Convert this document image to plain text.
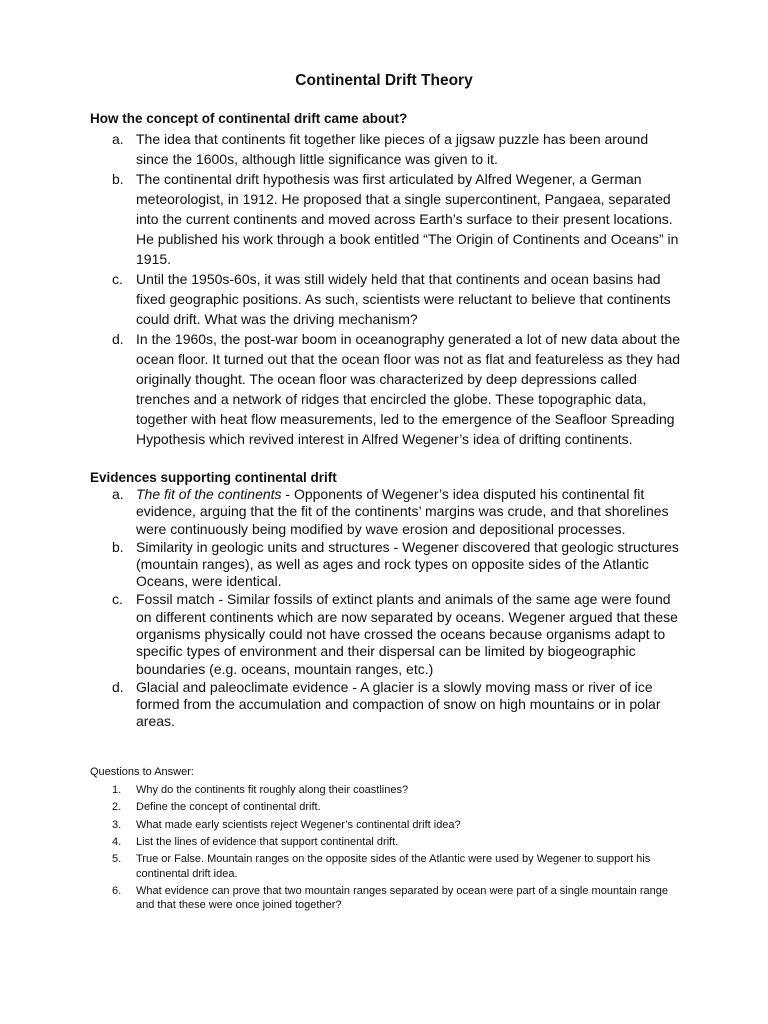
Continental Drift Theory
How the concept of continental drift came about?
a. The idea that continents fit together like pieces of a jigsaw puzzle has been around since the 1600s, although little significance was given to it.
b. The continental drift hypothesis was first articulated by Alfred Wegener, a German meteorologist, in 1912. He proposed that a single supercontinent, Pangaea, separated into the current continents and moved across Earth’s surface to their present locations. He published his work through a book entitled “The Origin of Continents and Oceans” in 1915.
c. Until the 1950s-60s, it was still widely held that that continents and ocean basins had fixed geographic positions. As such, scientists were reluctant to believe that continents could drift. What was the driving mechanism?
d. In the 1960s, the post-war boom in oceanography generated a lot of new data about the ocean floor. It turned out that the ocean floor was not as flat and featureless as they had originally thought. The ocean floor was characterized by deep depressions called trenches and a network of ridges that encircled the globe. These topographic data, together with heat flow measurements, led to the emergence of the Seafloor Spreading Hypothesis which revived interest in Alfred Wegener’s idea of drifting continents.
Evidences supporting continental drift
a. The fit of the continents - Opponents of Wegener’s idea disputed his continental fit evidence, arguing that the fit of the continents’ margins was crude, and that shorelines were continuously being modified by wave erosion and depositional processes.
b. Similarity in geologic units and structures - Wegener discovered that geologic structures (mountain ranges), as well as ages and rock types on opposite sides of the Atlantic Oceans, were identical.
c. Fossil match - Similar fossils of extinct plants and animals of the same age were found on different continents which are now separated by oceans. Wegener argued that these organisms physically could not have crossed the oceans because organisms adapt to specific types of environment and their dispersal can be limited by biogeographic boundaries (e.g. oceans, mountain ranges, etc.)
d. Glacial and paleoclimate evidence - A glacier is a slowly moving mass or river of ice formed from the accumulation and compaction of snow on high mountains or in polar areas.
Questions to Answer:
1. Why do the continents fit roughly along their coastlines?
2. Define the concept of continental drift.
3. What made early scientists reject Wegener’s continental drift idea?
4. List the lines of evidence that support continental drift.
5. True or False. Mountain ranges on the opposite sides of the Atlantic were used by Wegener to support his continental drift idea.
6. What evidence can prove that two mountain ranges separated by ocean were part of a single mountain range and that these were once joined together?
